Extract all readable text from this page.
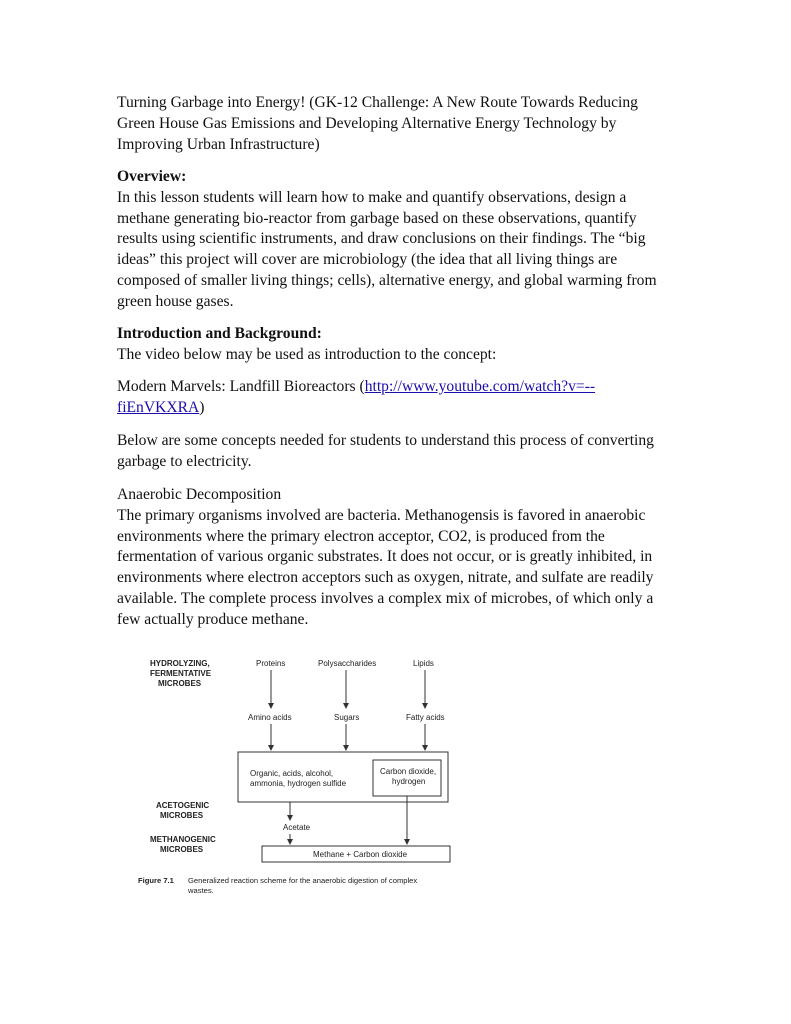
Turning Garbage into Energy! (GK-12 Challenge: A New Route Towards Reducing Green House Gas Emissions and Developing Alternative Energy Technology by Improving Urban Infrastructure)

Overview:

In this lesson students will learn how to make and quantify observations, design a methane generating bio-reactor from garbage based on these observations, quantify results using scientific instruments, and draw conclusions on their findings. The “big ideas” this project will cover are microbiology (the idea that all living things are composed of smaller living things; cells), alternative energy, and global warming from green house gases.

Introduction and Background:

The video below may be used as introduction to the concept:

Modern Marvels: Landfill Bioreactors (http://www.youtube.com/watch?v=--fiEnVKXRA)

Below are some concepts needed for students to understand this process of converting garbage to electricity.

Anaerobic Decomposition

The primary organisms involved are bacteria. Methanogensis is favored in anaerobic environments where the primary electron acceptor, CO2, is produced from the fermentation of various organic substrates. It does not occur, or is greatly inhibited, in environments where electron acceptors such as oxygen, nitrate, and sulfate are readily available. The complete process involves a complex mix of microbes, of which only a few actually produce methane.

HYDROLYZING,
FERMENTATIVE
MICROBES
ACETOGENIC
MICROBES
METHANOGENIC
MICROBES
Proteins	Polysaccharides	Lipids
Amino acids	Sugars	Fatty acids
Organic, acids, alcohol,
ammonia, hydrogen sulfide
Carbon dioxide,
hydrogen
Acetate
Methane + Carbon dioxide
Figure 7.1 Generalized reaction scheme for the anaerobic digestion of complex
wastes.
